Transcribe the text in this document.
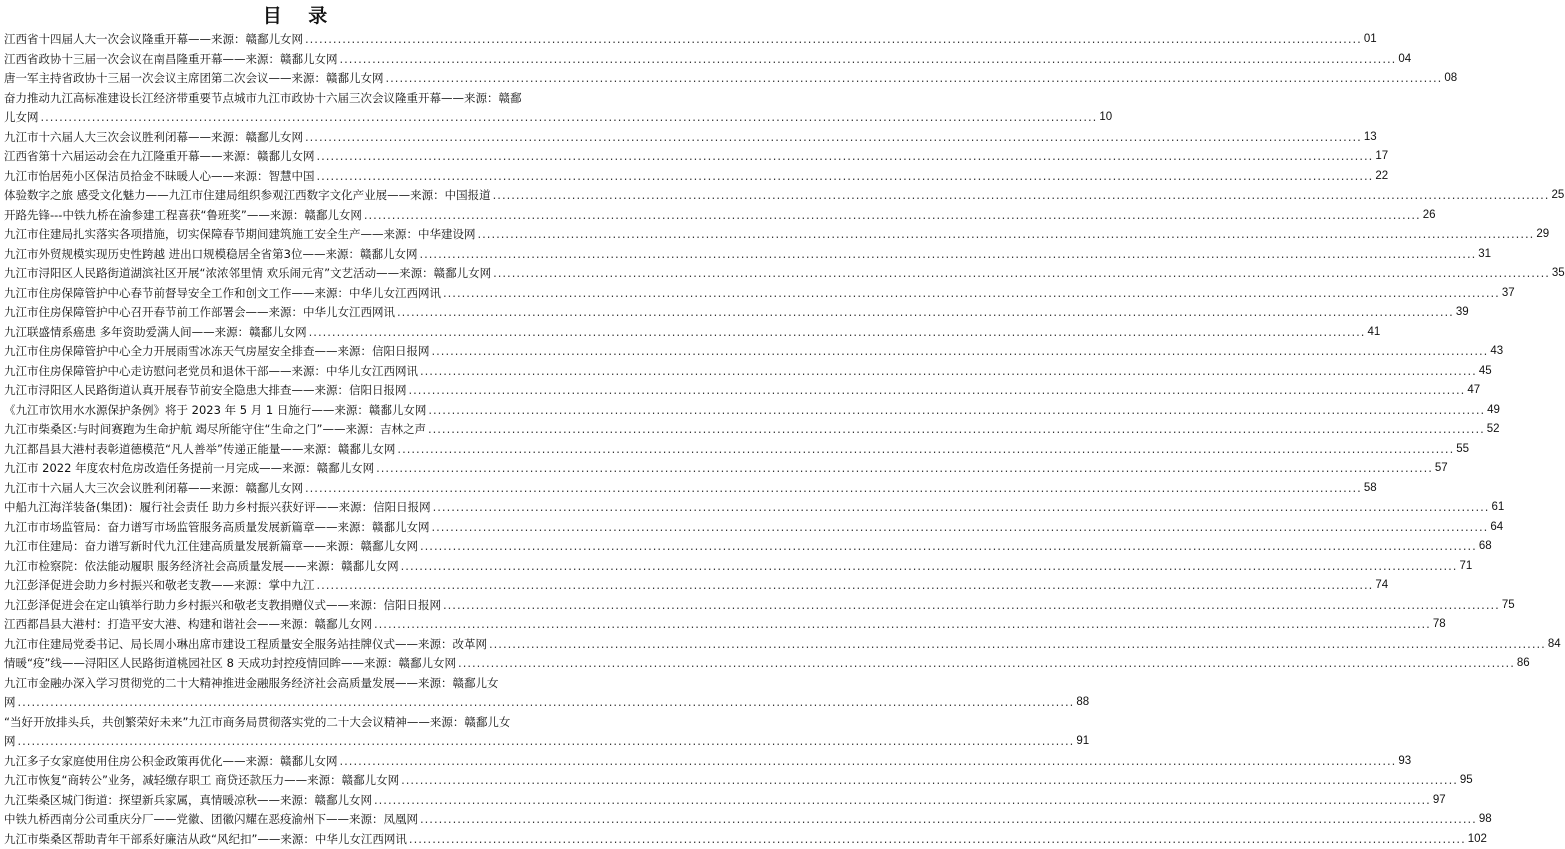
目 录
江西省十四届人大一次会议隆重开幕——来源：赣鄱儿女网 .....	01
江西省政协十三届一次会议在南昌隆重开幕——来源：赣鄱儿女网 .....	04
唐一军主持省政协十三届一次会议主席团第二次会议——来源：赣鄱儿女网 .....	08
奋力推动九江高标准建设长江经济带重要节点城市九江市政协十六届三次会议隆重开幕——来源：赣鄱
儿女网 .....	10
九江市十六届人大三次会议胜利闭幕——来源：赣鄱儿女网 .....	13
江西省第十六届运动会在九江隆重开幕——来源：赣鄱儿女网 .....	17
九江市怡居苑小区保洁员拾金不昧暖人心——来源：智慧中国 .....	22
体验数字之旅 感受文化魅力——九江市住建局组织参观江西数字文化产业展——来源：中国报道 .....	25
开路先锋---中铁九桥在渝参建工程喜获“鲁班奖”——来源：赣鄱儿女网 .....	26
九江市住建局扎实落实各项措施，切实保障春节期间建筑施工安全生产——来源：中华建设网 .....	29
九江市外贸规模实现历史性跨越 进出口规模稳居全省第3位——来源：赣鄱儿女网 .....	31
九江市浔阳区人民路街道湖滨社区开展“浓浓邻里情 欢乐闹元宵”文艺活动——来源：赣鄱儿女网 .....	35
九江市住房保障管护中心春节前督导安全工作和创文工作——来源：中华儿女江西网讯 .....	37
九江市住房保障管护中心召开春节前工作部署会——来源：中华儿女江西网讯 .....	39
九江联盛情系癌患 多年资助爱满人间——来源：赣鄱儿女网 .....	41
九江市住房保障管护中心全力开展雨雪冰冻天气房屋安全排查——来源：信阳日报网 .....	43
九江市住房保障管护中心走访慰问老党员和退休干部——来源：中华儿女江西网讯 .....	45
九江市浔阳区人民路街道认真开展春节前安全隐患大排查——来源：信阳日报网 .....	47
《九江市饮用水水源保护条例》将于 2023 年 5 月 1 日施行——来源：赣鄱儿女网 .....	49
九江市柴桑区:与时间赛跑为生命护航 竭尽所能守住“生命之门”——来源：吉林之声 .....	52
九江都昌县大港村表彰道德模范“凡人善举”传递正能量——来源：赣鄱儿女网 .....	55
九江市 2022 年度农村危房改造任务提前一月完成——来源：赣鄱儿女网 .....	57
九江市十六届人大三次会议胜利闭幕——来源：赣鄱儿女网 .....	58
中船九江海洋装备(集团)：履行社会责任 助力乡村振兴获好评——来源：信阳日报网 .....	61
九江市市场监管局：奋力谱写市场监管服务高质量发展新篇章——来源：赣鄱儿女网 .....	64
九江市住建局：奋力谱写新时代九江住建高质量发展新篇章——来源：赣鄱儿女网 .....	68
九江市检察院：依法能动履职 服务经济社会高质量发展——来源：赣鄱儿女网 .....	71
九江彭泽促进会助力乡村振兴和敬老支教——来源：掌中九江 .....	74
九江彭泽促进会在定山镇举行助力乡村振兴和敬老支教捐赠仪式——来源：信阳日报网 .....	75
江西都昌县大港村：打造平安大港、构建和谐社会——来源：赣鄱儿女网 .....	78
九江市住建局党委书记、局长周小琳出席市建设工程质量安全服务站挂牌仪式——来源：改革网 .....	84
情暖“疫”线——浔阳区人民路街道桃园社区 8 天成功封控疫情回眸——来源：赣鄱儿女网 .....	86
九江市金融办深入学习贯彻党的二十大精神推进金融服务经济社会高质量发展——来源：赣鄱儿女
网 .....	88
“当好开放排头兵，共创繁荣好未来”九江市商务局贯彻落实党的二十大会议精神——来源：赣鄱儿女
网 .....	91
九江多子女家庭使用住房公积金政策再优化——来源：赣鄱儿女网 .....	93
九江市恢复“商转公”业务，减轻缴存职工 商贷还款压力——来源：赣鄱儿女网 .....	95
九江柴桑区城门街道：探望新兵家属，真情暖凉秋——来源：赣鄱儿女网 .....	97
中铁九桥西南分公司重庆分厂——党徽、团徽闪耀在恶疫渝州下——来源：凤凰网 .....	98
九江市柴桑区帮助青年干部系好廉洁从政“风纪扣”——来源：中华儿女江西网讯 .....	102
